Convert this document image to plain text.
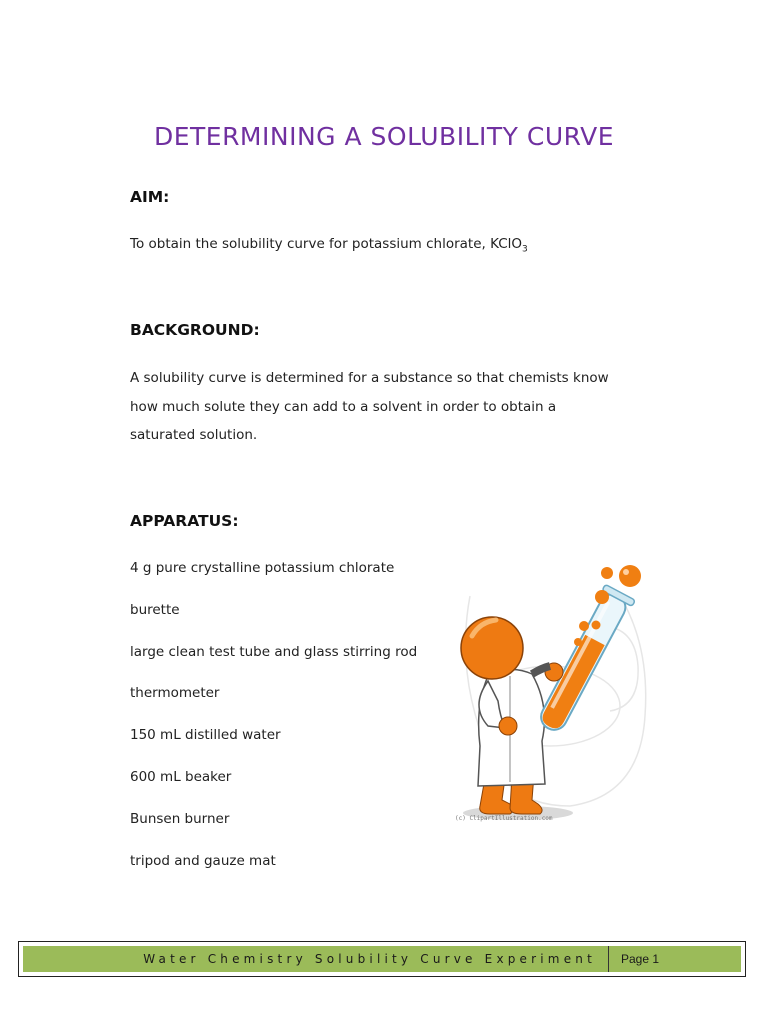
DETERMINING A SOLUBILITY CURVE
AIM:
To obtain the solubility curve for potassium chlorate, KClO$_3$
BACKGROUND:
A solubility curve is determined for a substance so that chemists know
how much solute they can add to a solvent in order to obtain a
saturated solution.
APPARATUS:
4 g pure crystalline potassium chlorate
burette
large clean test tube and glass stirring rod
thermometer
150 mL distilled water
600 mL beaker
Bunsen burner
tripod and gauze mat
(c) ClipartIllustration.com
Water Chemistry Solubility Curve Experiment Page 1
